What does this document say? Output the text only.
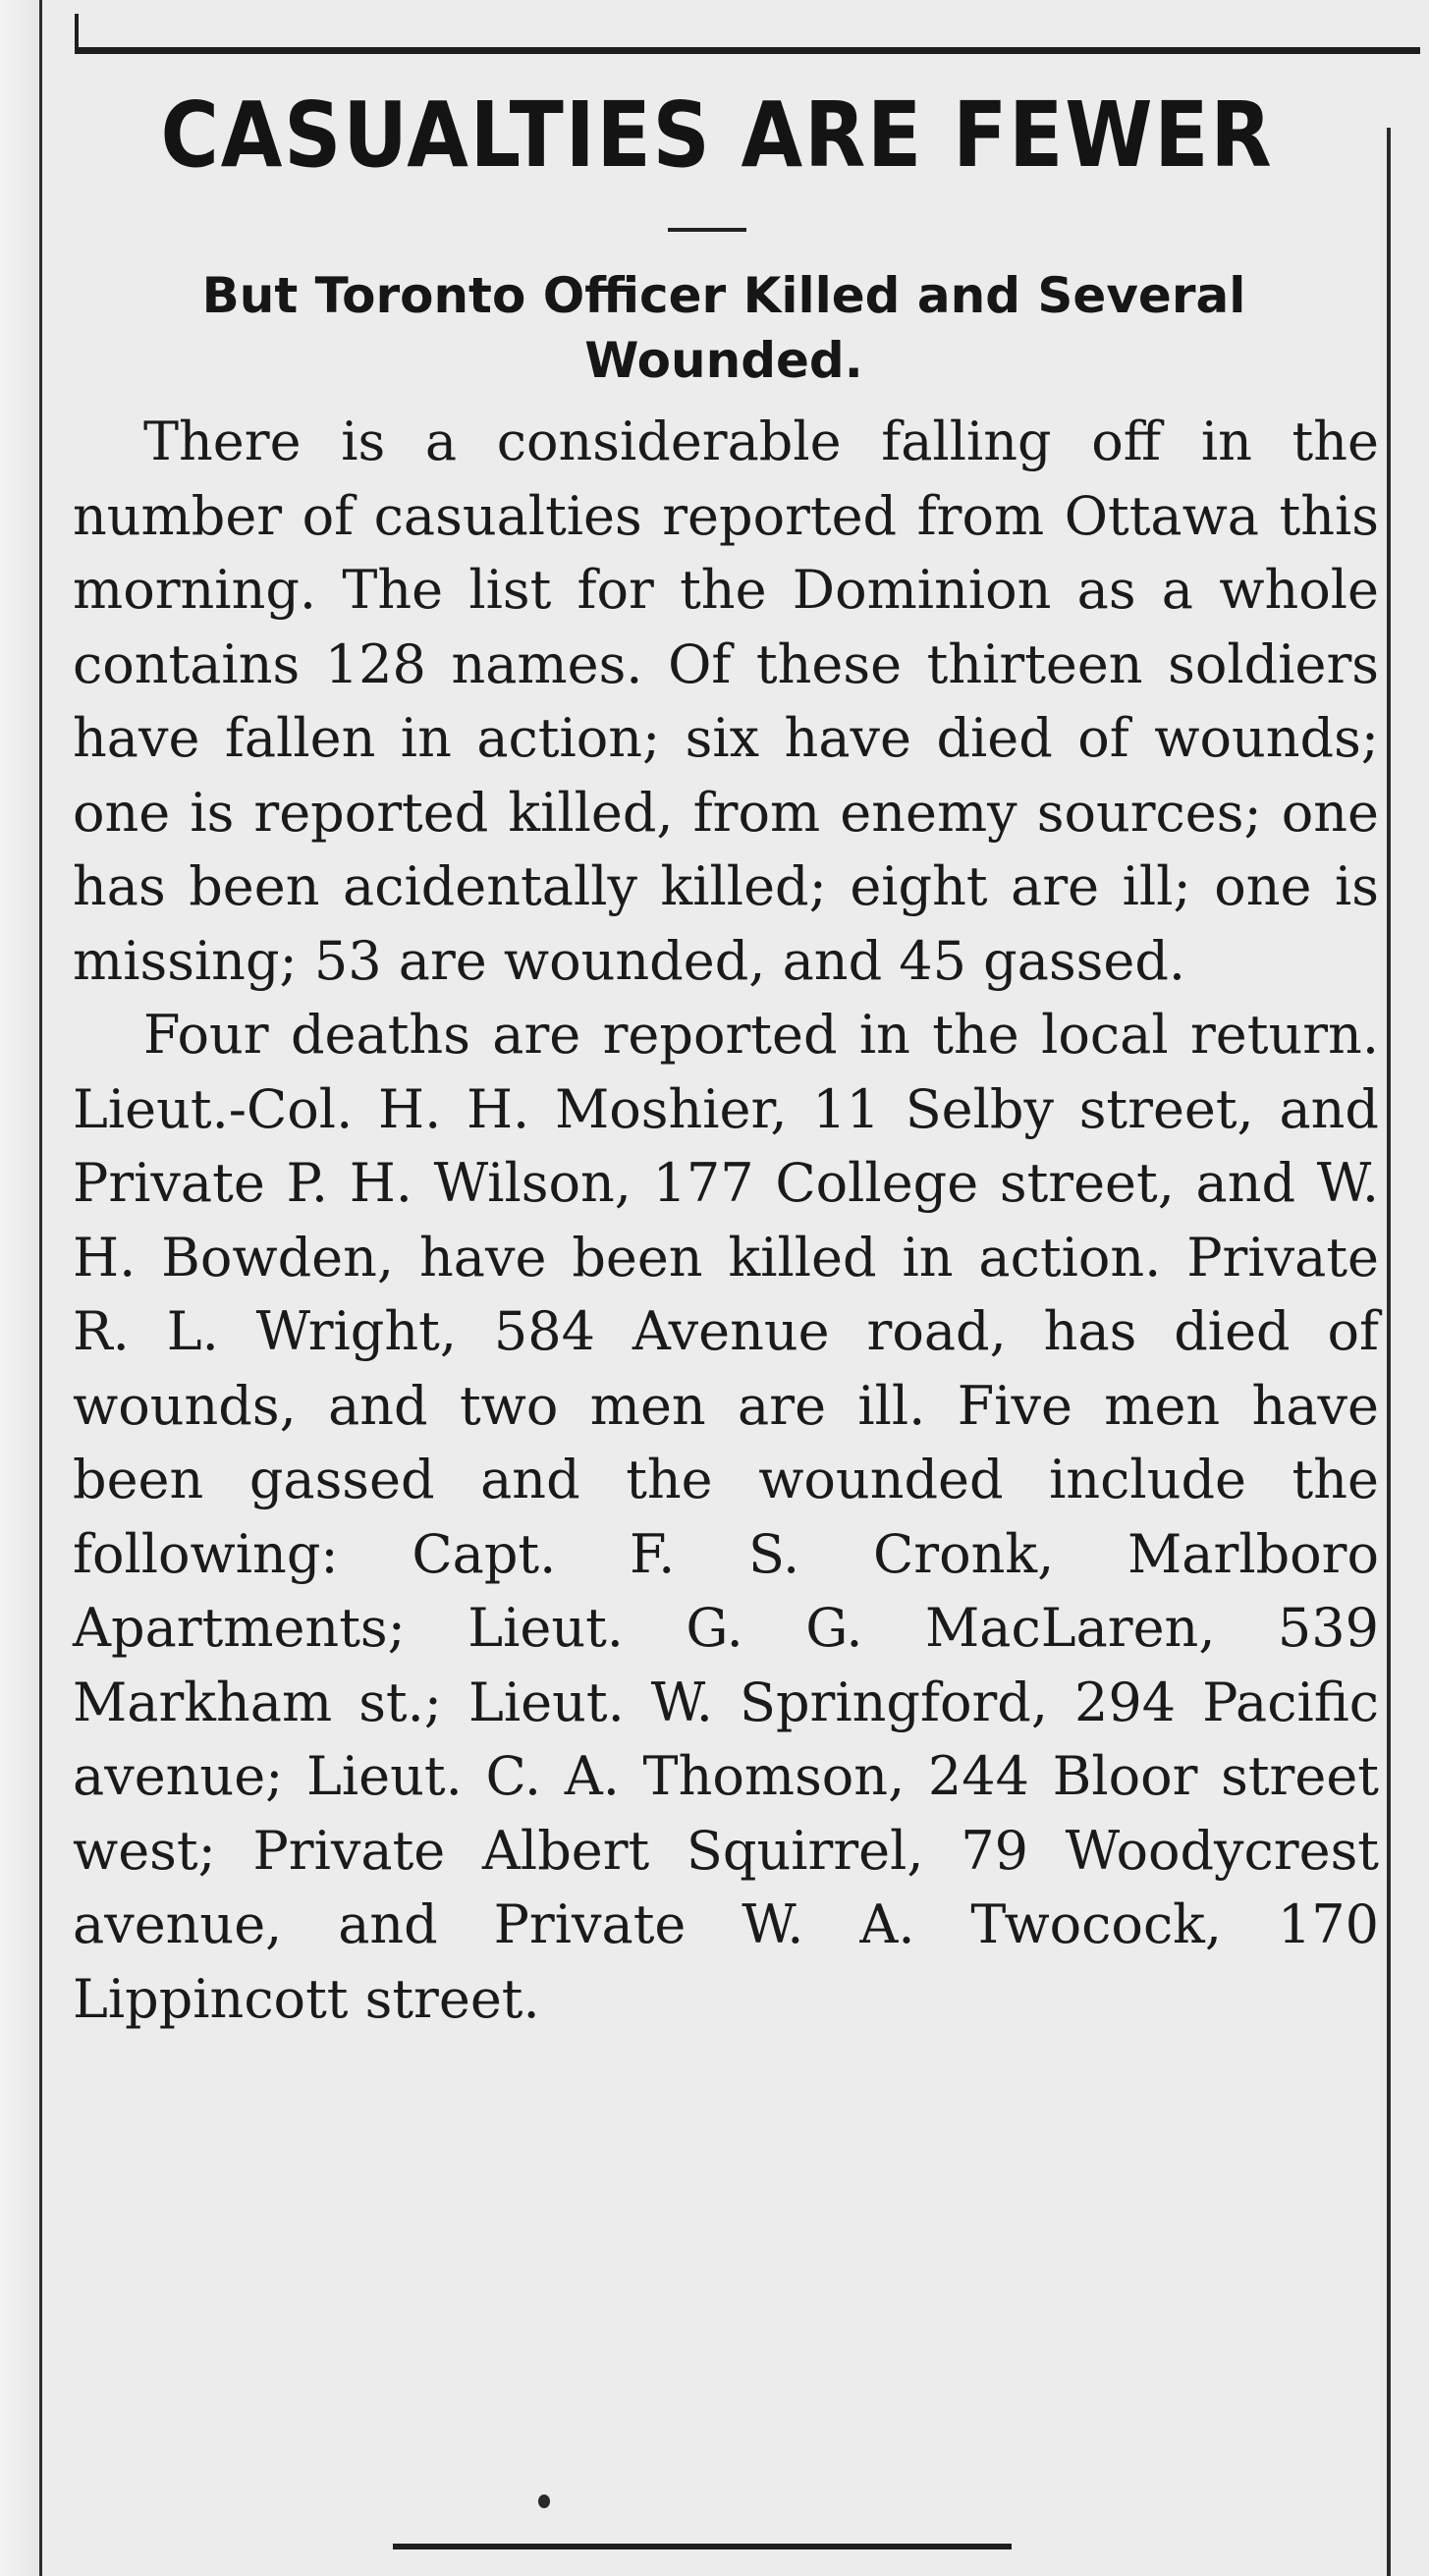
CASUALTIES ARE FEWER
But Toronto Officer Killed and Several Wounded.

There is a considerable falling off in the number of casualties reported from Ottawa this morning. The list for the Dominion as a whole contains 128 names. Of these thirteen soldiers have fallen in action; six have died of wounds; one is reported killed, from enemy sources; one has been acidentally killed; eight are ill; one is missing; 53 are wounded, and 45 gassed.

Four deaths are reported in the local return. Lieut.-Col. H. H. Moshier, 11 Selby street, and Private P. H. Wilson, 177 College street, and W. H. Bowden, have been killed in action. Private R. L. Wright, 584 Avenue road, has died of wounds, and two men are ill. Five men have been gassed and the wounded include the following: Capt. F. S. Cronk, Marlboro Apartments; Lieut. G. G. MacLaren, 539 Markham st.; Lieut. W. Springford, 294 Pacific avenue; Lieut. C. A. Thomson, 244 Bloor street west; Private Albert Squirrel, 79 Woodycrest avenue, and Private W. A. Twocock, 170 Lippincott street.
